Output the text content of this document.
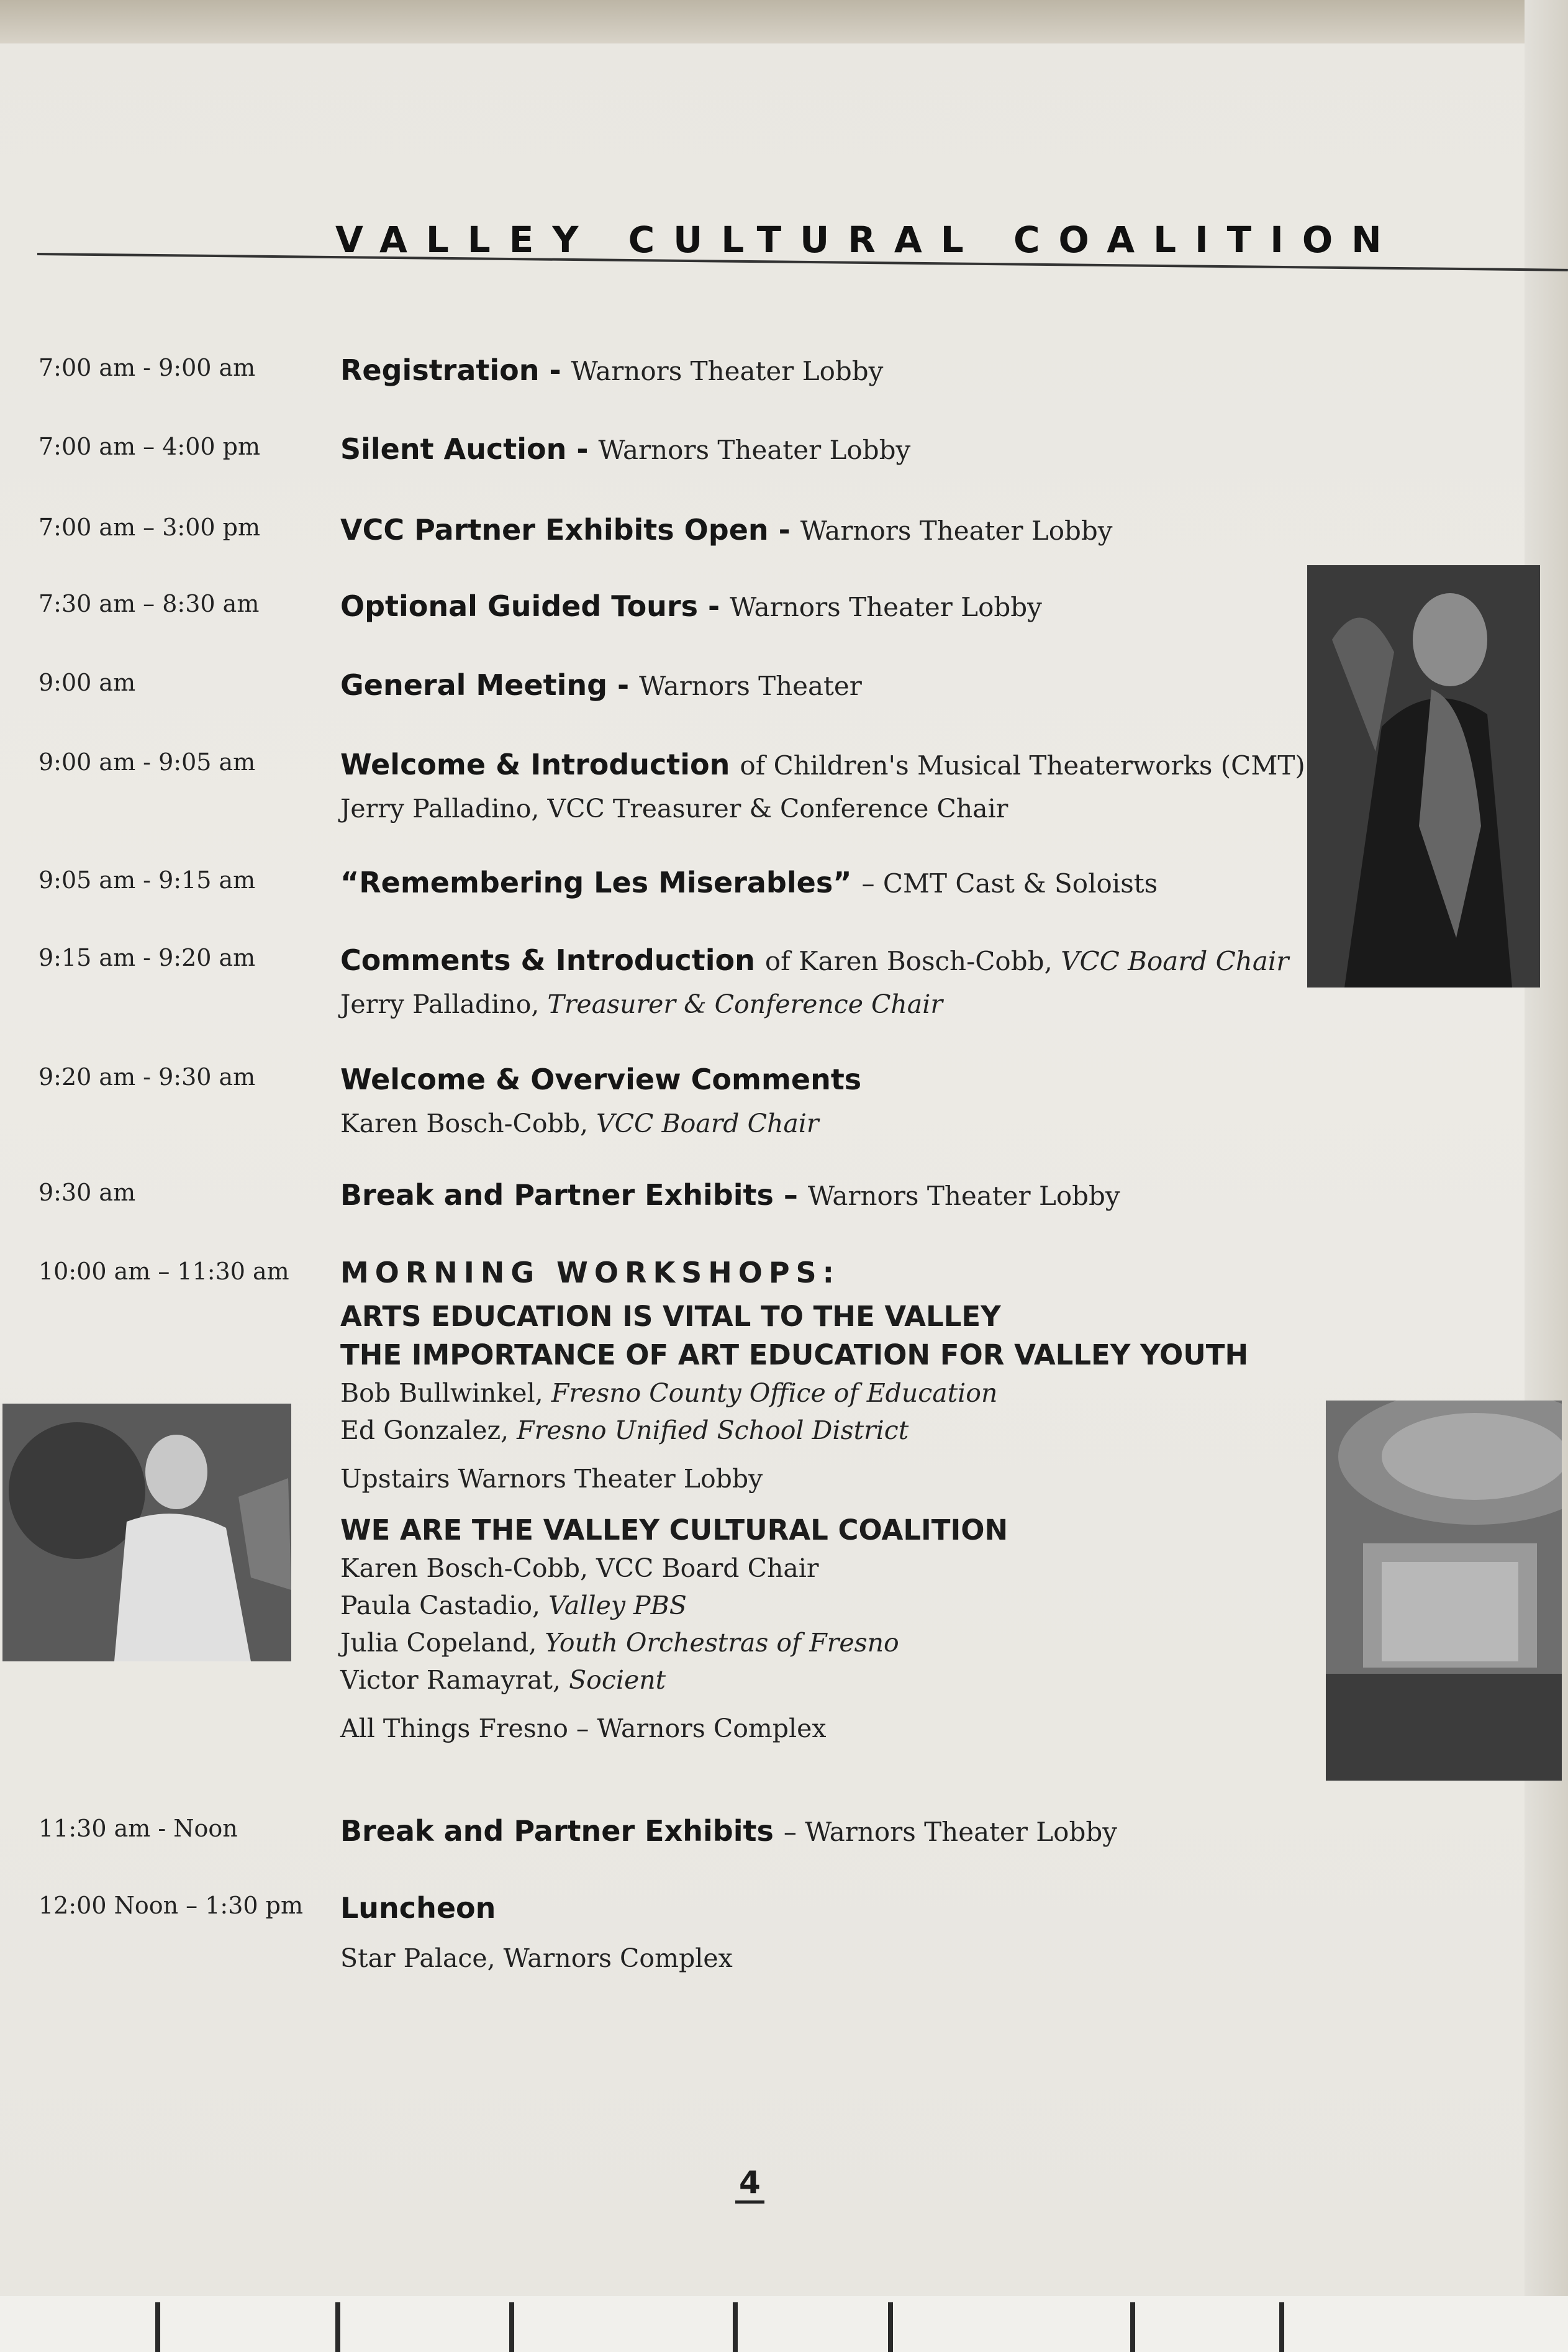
VALLEY CULTURAL COALITION
7:00 am - 9:00 am	Registration - Warnors Theater Lobby
7:00 am – 4:00 pm	Silent Auction - Warnors Theater Lobby
7:00 am – 3:00 pm	VCC Partner Exhibits Open - Warnors Theater Lobby
7:30 am – 8:30 am	Optional Guided Tours - Warnors Theater Lobby
9:00 am	General Meeting - Warnors Theater
9:00 am - 9:05 am	Welcome & Introduction of Children's Musical Theaterworks (CMT)
Jerry Palladino, VCC Treasurer & Conference Chair
9:05 am - 9:15 am	“Remembering Les Miserables” – CMT Cast & Soloists
9:15 am - 9:20 am	Comments & Introduction of Karen Bosch-Cobb, VCC Board Chair
Jerry Palladino, Treasurer & Conference Chair
9:20 am - 9:30 am	Welcome & Overview Comments
Karen Bosch-Cobb, VCC Board Chair
9:30 am	Break and Partner Exhibits – Warnors Theater Lobby
10:00 am – 11:30 am	MORNING WORKSHOPS:
ARTS EDUCATION IS VITAL TO THE VALLEY
THE IMPORTANCE OF ART EDUCATION FOR VALLEY YOUTH
Bob Bullwinkel, Fresno County Office of Education
Ed Gonzalez, Fresno Unified School District
Upstairs Warnors Theater Lobby
WE ARE THE VALLEY CULTURAL COALITION
Karen Bosch-Cobb, VCC Board Chair
Paula Castadio, Valley PBS
Julia Copeland, Youth Orchestras of Fresno
Victor Ramayrat, Socient
All Things Fresno – Warnors Complex
11:30 am - Noon	Break and Partner Exhibits – Warnors Theater Lobby
12:00 Noon – 1:30 pm	Luncheon
Star Palace, Warnors Complex
4
